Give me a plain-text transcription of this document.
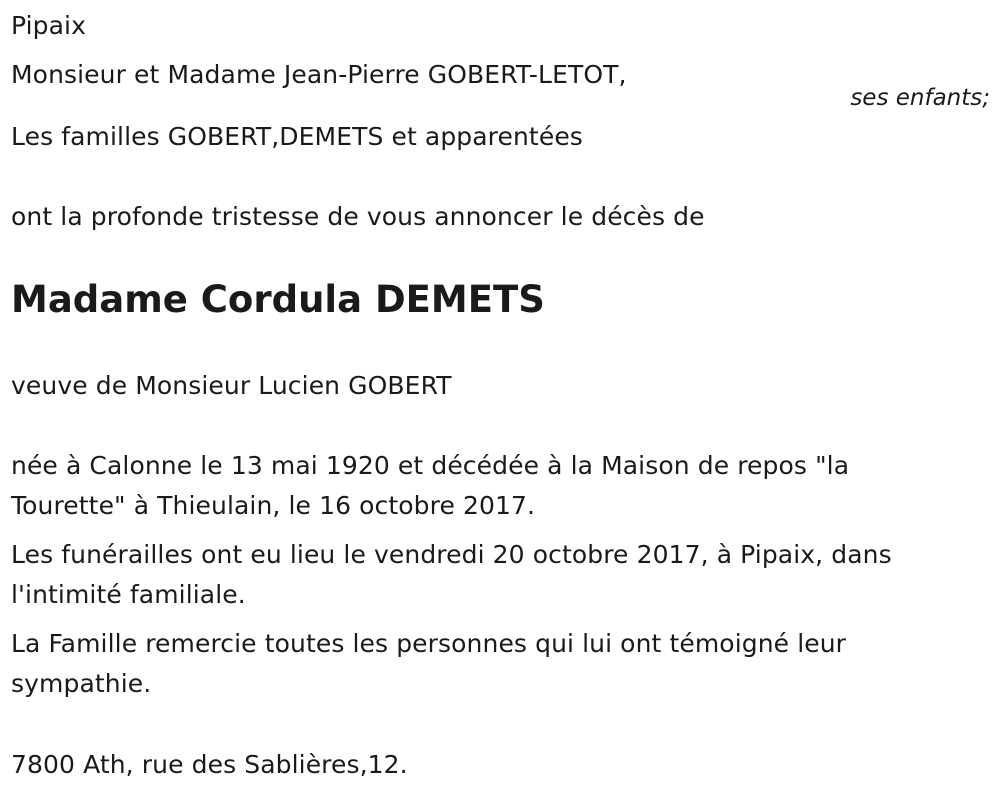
Pipaix

Monsieur et Madame Jean-Pierre GOBERT-LETOT,

ses enfants;

Les familles GOBERT,DEMETS et apparentées

ont la profonde tristesse de vous annoncer le décès de

Madame Cordula DEMETS

veuve de Monsieur Lucien GOBERT

née à Calonne le 13 mai 1920 et décédée à la Maison de repos "la Tourette" à Thieulain, le 16 octobre 2017.

Les funérailles ont eu lieu le vendredi 20 octobre 2017, à Pipaix, dans l'intimité familiale.

La Famille remercie toutes les personnes qui lui ont témoigné leur sympathie.

7800 Ath, rue des Sablières,12.
